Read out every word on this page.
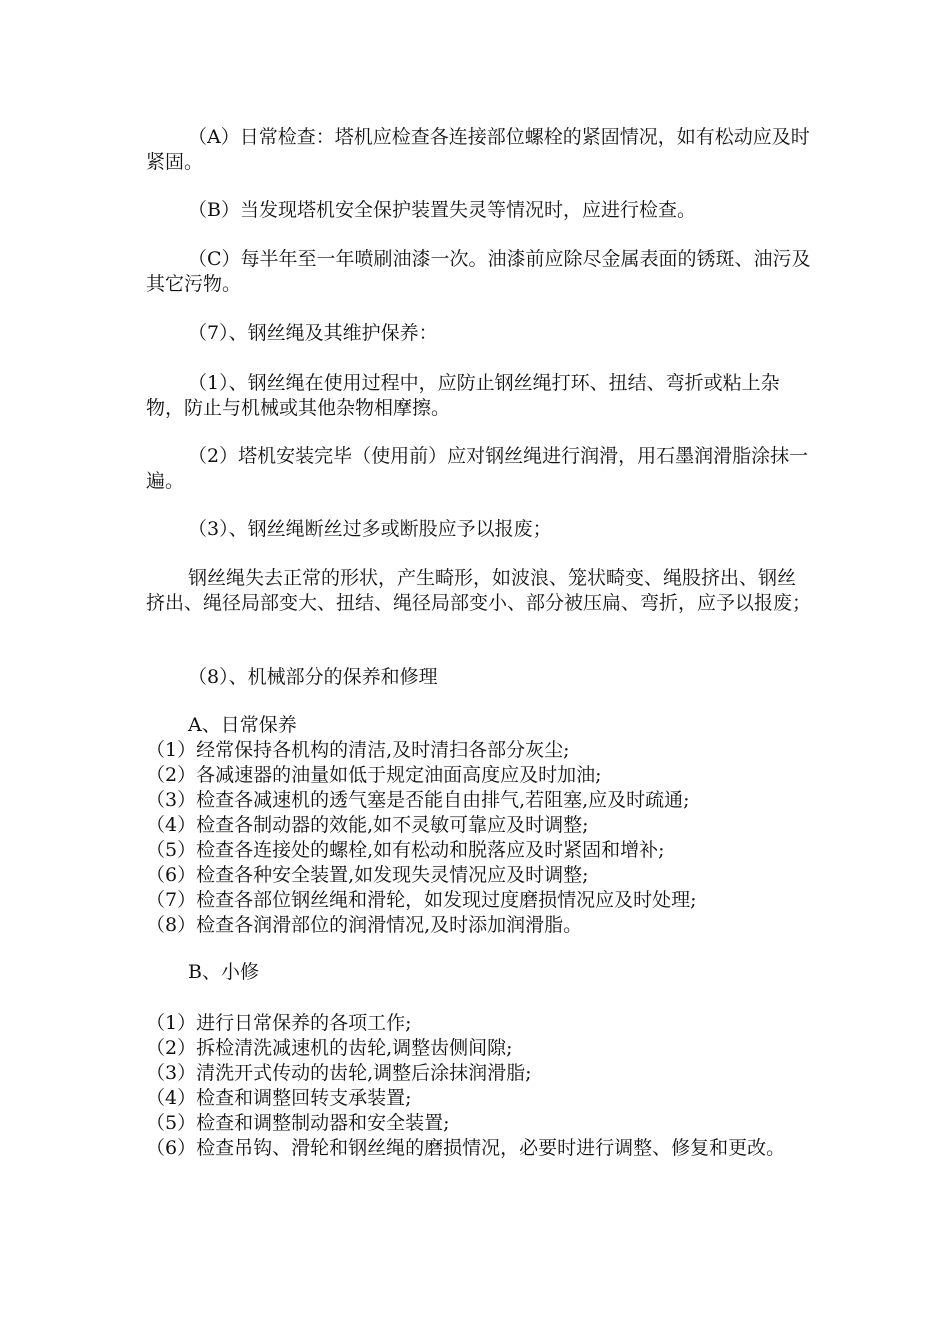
（A）日常检查：塔机应检查各连接部位螺栓的紧固情况，如有松动应及时紧固。

（B）当发现塔机安全保护装置失灵等情况时，应进行检查。

（C）每半年至一年喷刷油漆一次。油漆前应除尽金属表面的锈斑、油污及其它污物。

（7）、钢丝绳及其维护保养：

（1）、钢丝绳在使用过程中，应防止钢丝绳打环、扭结、弯折或粘上杂物，防止与机械或其他杂物相摩擦。

（2）塔机安装完毕（使用前）应对钢丝绳进行润滑，用石墨润滑脂涂抹一遍。

（3）、钢丝绳断丝过多或断股应予以报废；

钢丝绳失去正常的形状，产生畸形，如波浪、笼状畸变、绳股挤出、钢丝挤出、绳径局部变大、扭结、绳径局部变小、部分被压扁、弯折，应予以报废；

（8）、机械部分的保养和修理

A、日常保养
（1）经常保持各机构的清洁,及时清扫各部分灰尘;
（2）各减速器的油量如低于规定油面高度应及时加油;
（3）检查各减速机的透气塞是否能自由排气,若阻塞,应及时疏通;
（4）检查各制动器的效能,如不灵敏可靠应及时调整;
（5）检查各连接处的螺栓,如有松动和脱落应及时紧固和增补;
（6）检查各种安全装置,如发现失灵情况应及时调整;
（7）检查各部位钢丝绳和滑轮，如发现过度磨损情况应及时处理;
（8）检查各润滑部位的润滑情况,及时添加润滑脂。
B、小修
（1）进行日常保养的各项工作;
（2）拆检清洗减速机的齿轮,调整齿侧间隙;
（3）清洗开式传动的齿轮,调整后涂抹润滑脂;
（4）检查和调整回转支承装置;
（5）检查和调整制动器和安全装置;
（6）检查吊钩、滑轮和钢丝绳的磨损情况，必要时进行调整、修复和更改。
